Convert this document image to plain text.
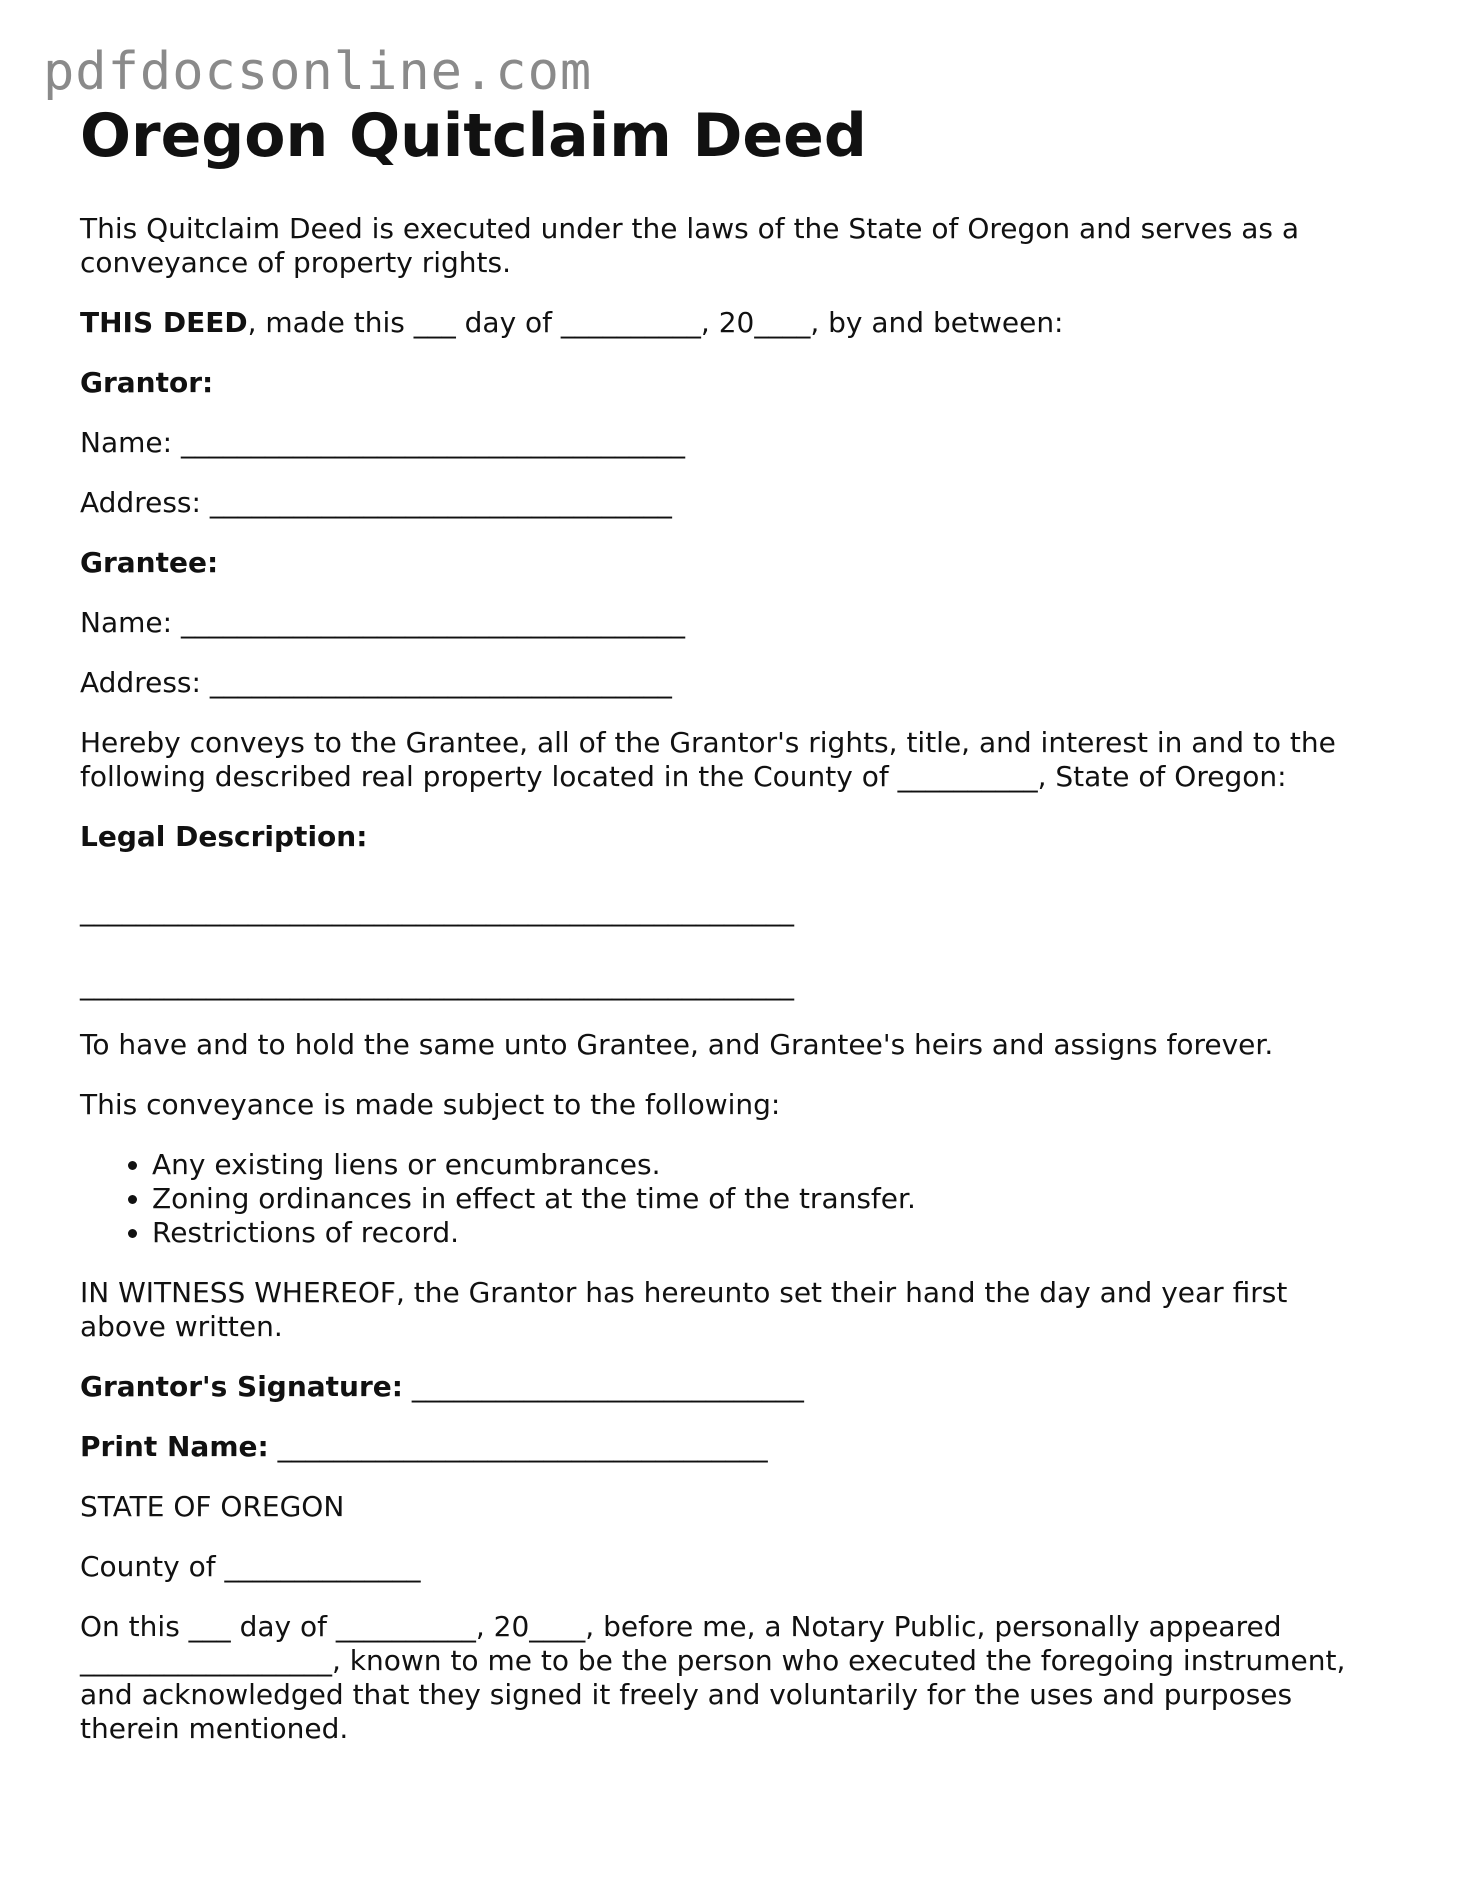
pdfdocsonline.com
Oregon Quitclaim Deed

This Quitclaim Deed is executed under the laws of the State of Oregon and serves as a conveyance of property rights.

THIS DEED, made this ___ day of __________, 20____, by and between:

Grantor:

Name: ____________________________________

Address: _________________________________

Grantee:

Name: ____________________________________

Address: _________________________________

Hereby conveys to the Grantee, all of the Grantor's rights, title, and interest in and to the following described real property located in the County of __________, State of Oregon:

Legal Description:

___________________________________________________

___________________________________________________

To have and to hold the same unto Grantee, and Grantee's heirs and assigns forever.

This conveyance is made subject to the following:

• Any existing liens or encumbrances.
• Zoning ordinances in effect at the time of the transfer.
• Restrictions of record.

IN WITNESS WHEREOF, the Grantor has hereunto set their hand the day and year first above written.

Grantor's Signature: ____________________________

Print Name: ___________________________________

STATE OF OREGON

County of ______________

On this ___ day of __________, 20____, before me, a Notary Public, personally appeared __________________, known to me to be the person who executed the foregoing instrument, and acknowledged that they signed it freely and voluntarily for the uses and purposes therein mentioned.
